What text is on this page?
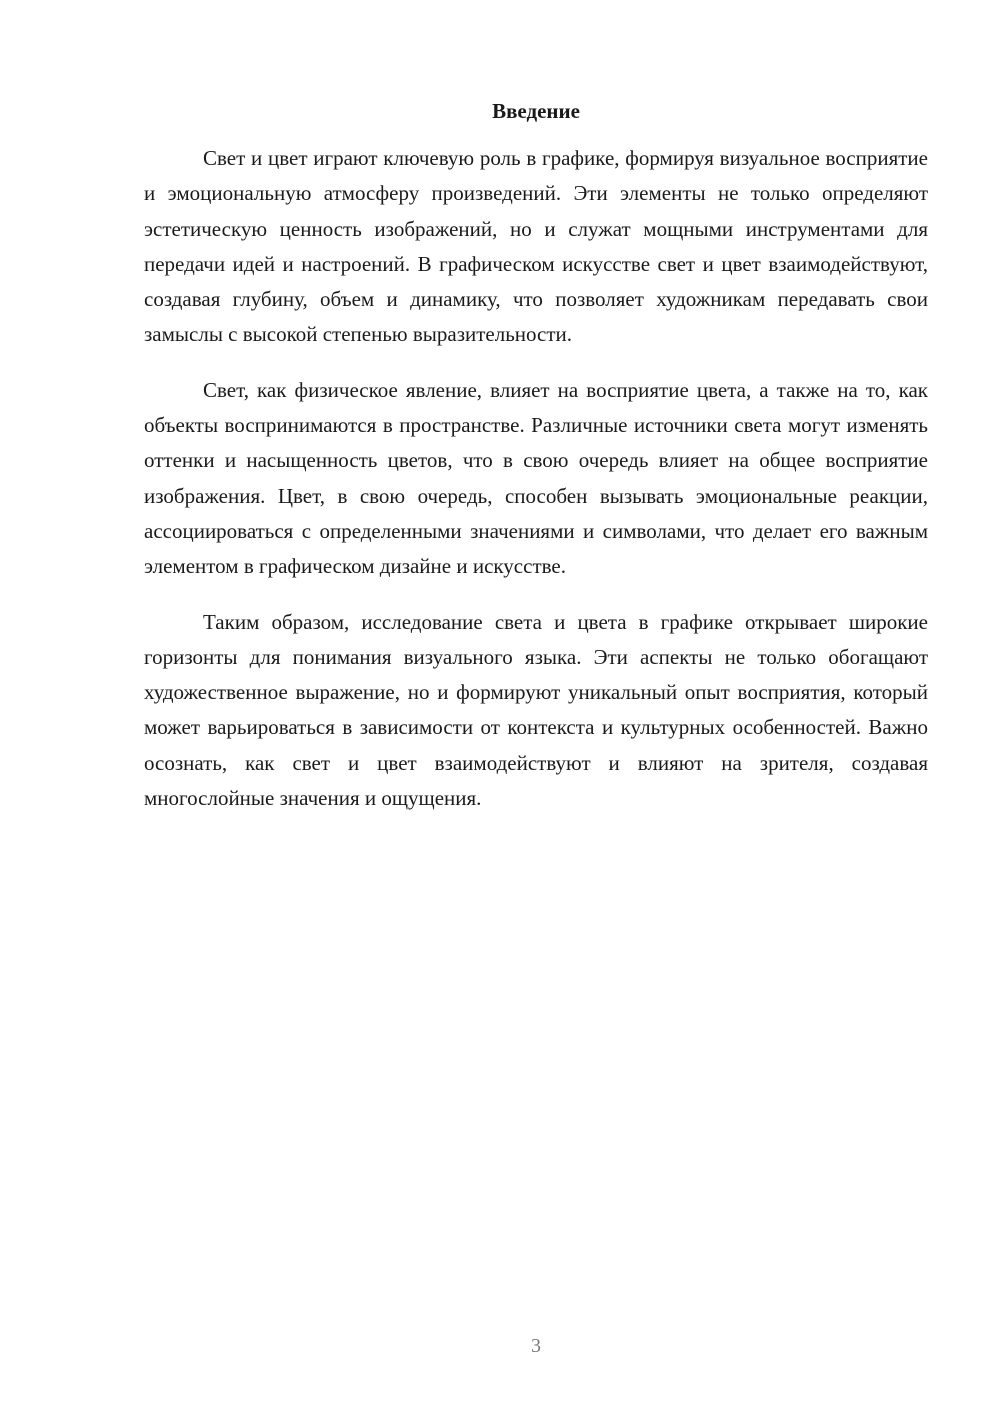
Введение

Свет и цвет играют ключевую роль в графике, формируя визуальное восприятие и эмоциональную атмосферу произведений. Эти элементы не только определяют эстетическую ценность изображений, но и служат мощными инструментами для передачи идей и настроений. В графическом искусстве свет и цвет взаимодействуют, создавая глубину, объем и динамику, что позволяет художникам передавать свои замыслы с высокой степенью выразительности.

Свет, как физическое явление, влияет на восприятие цвета, а также на то, как объекты воспринимаются в пространстве. Различные источники света могут изменять оттенки и насыщенность цветов, что в свою очередь влияет на общее восприятие изображения. Цвет, в свою очередь, способен вызывать эмоциональные реакции, ассоциироваться с определенными значениями и символами, что делает его важным элементом в графическом дизайне и искусстве.

Таким образом, исследование света и цвета в графике открывает широкие горизонты для понимания визуального языка. Эти аспекты не только обогащают художественное выражение, но и формируют уникальный опыт восприятия, который может варьироваться в зависимости от контекста и культурных особенностей. Важно осознать, как свет и цвет взаимодействуют и влияют на зрителя, создавая многослойные значения и ощущения.

3
